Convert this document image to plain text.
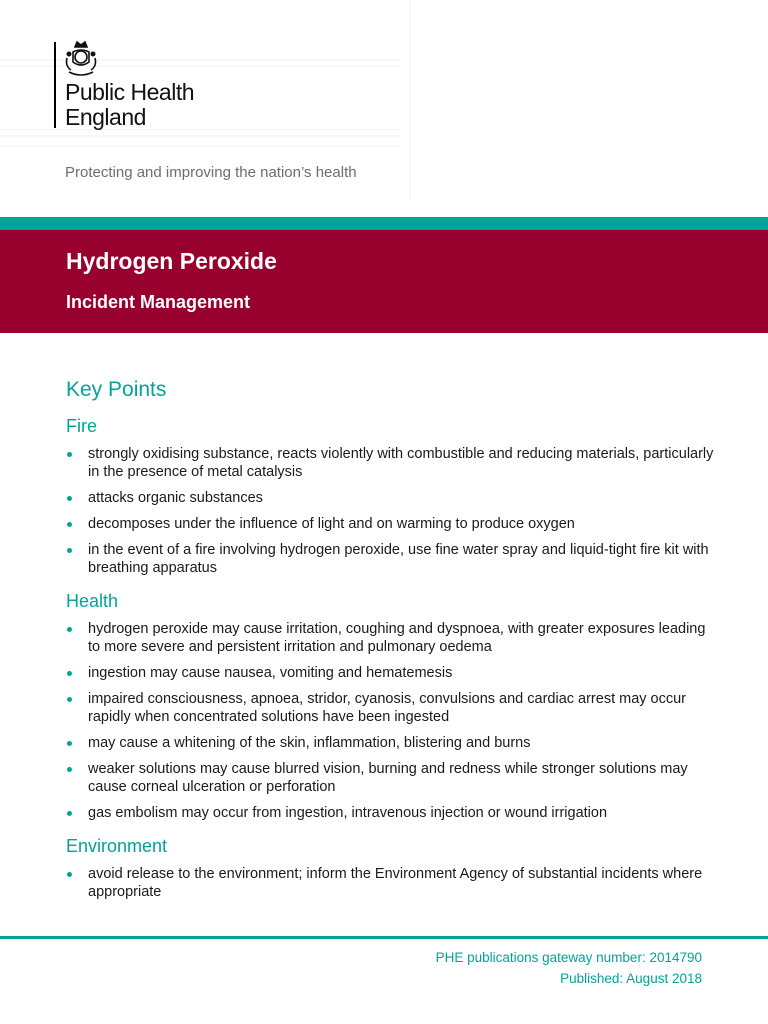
Public Health
England
Protecting and improving the nation’s health
Hydrogen Peroxide
Incident Management
Key Points
Fire
strongly oxidising substance, reacts violently with combustible and reducing materials, particularly in the presence of metal catalysis
attacks organic substances
decomposes under the influence of light and on warming to produce oxygen
in the event of a fire involving hydrogen peroxide, use fine water spray and liquid-tight fire kit with breathing apparatus
Health
hydrogen peroxide may cause irritation, coughing and dyspnoea, with greater exposures leading to more severe and persistent irritation and pulmonary oedema
ingestion may cause nausea, vomiting and hematemesis
impaired consciousness, apnoea, stridor, cyanosis, convulsions and cardiac arrest may occur rapidly when concentrated solutions have been ingested
may cause a whitening of the skin, inflammation, blistering and burns
weaker solutions may cause blurred vision, burning and redness while stronger solutions may cause corneal ulceration or perforation
gas embolism may occur from ingestion, intravenous injection or wound irrigation
Environment
avoid release to the environment; inform the Environment Agency of substantial incidents where appropriate
PHE publications gateway number: 2014790
Published: August 2018
